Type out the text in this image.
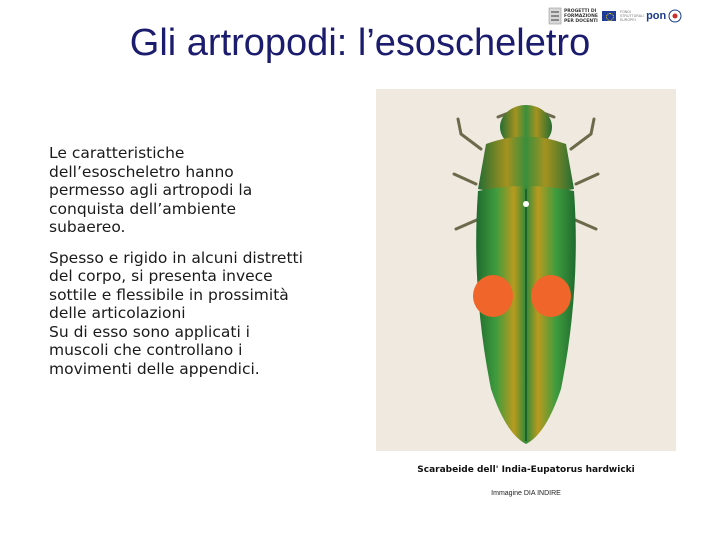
PROGETTI DI
FORMAZIONE
PER DOCENTI
FONDI
STRUTTURALI
EUROPEI pon
Gli artropodi: l’esoscheletro

Le caratteristiche
dell’esoscheletro hanno
permesso agli artropodi la
conquista dell’ambiente
subaereo.

Spesso e rigido in alcuni distretti
del corpo, si presenta invece
sottile e flessibile in prossimità
delle articolazioni
Su di esso sono applicati i
muscoli che controllano i
movimenti delle appendici.

Scarabeide dell' India-Eupatorus hardwicki
Immagine DIA INDIRE
